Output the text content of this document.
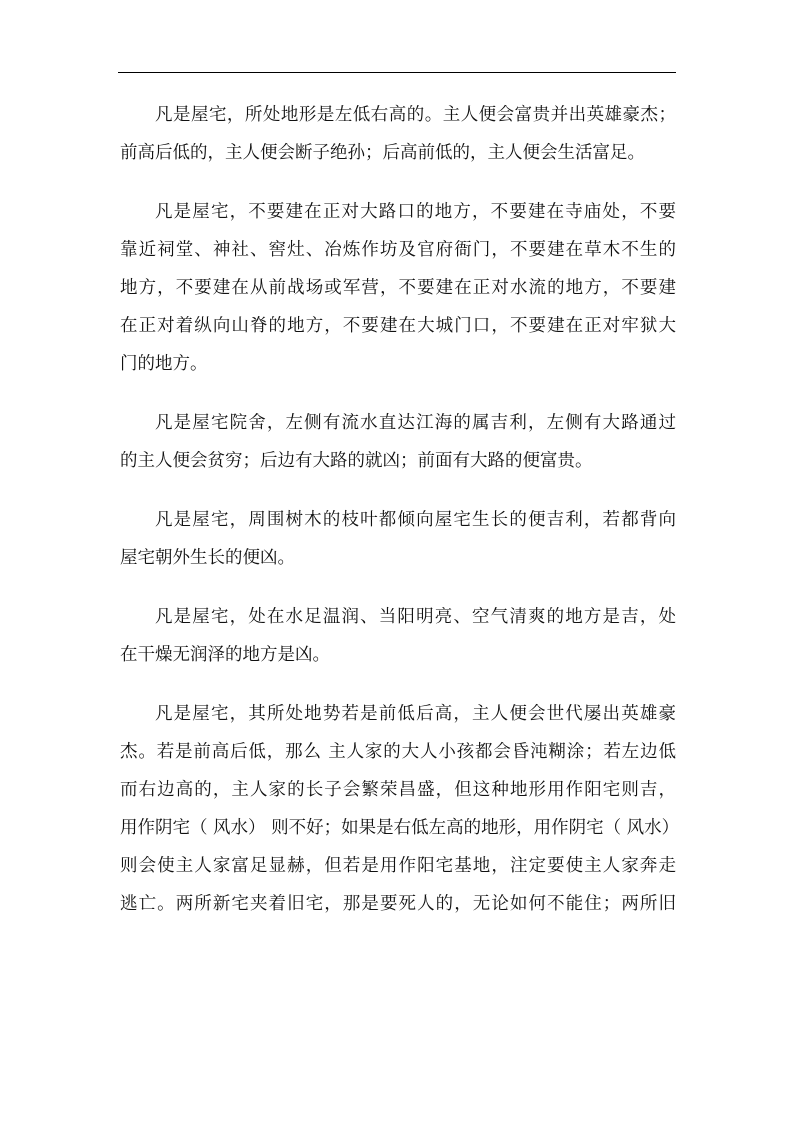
凡是屋宅，所处地形是左低右高的。主人便会富贵并出英雄豪杰；
前高后低的，主人便会断子绝孙；后高前低的，主人便会生活富足。
凡是屋宅，不要建在正对大路口的地方，不要建在寺庙处，不要
靠近祠堂、神社、窖灶、冶炼作坊及官府衙门，不要建在草木不生的
地方，不要建在从前战场或军营，不要建在正对水流的地方，不要建
在正对着纵向山脊的地方，不要建在大城门口，不要建在正对牢狱大
门的地方。
凡是屋宅院舍，左侧有流水直达江海的属吉利，左侧有大路通过
的主人便会贫穷；后边有大路的就凶；前面有大路的便富贵。
凡是屋宅，周围树木的枝叶都倾向屋宅生长的便吉利，若都背向
屋宅朝外生长的便凶。
凡是屋宅，处在水足温润、当阳明亮、空气清爽的地方是吉，处
在干燥无润泽的地方是凶。
凡是屋宅，其所处地势若是前低后高，主人便会世代屡出英雄豪
杰。若是前高后低，那么 主人家的大人小孩都会昏沌糊涂；若左边低
而右边高的，主人家的长子会繁荣昌盛，但这种地形用作阳宅则吉，
用作阴宅（ 风水） 则不好；如果是右低左高的地形，用作阴宅（ 风水）
则会使主人家富足显赫，但若是用作阳宅基地，注定要使主人家奔走
逃亡。两所新宅夹着旧宅，那是要死人的，无论如何不能住；两所旧
